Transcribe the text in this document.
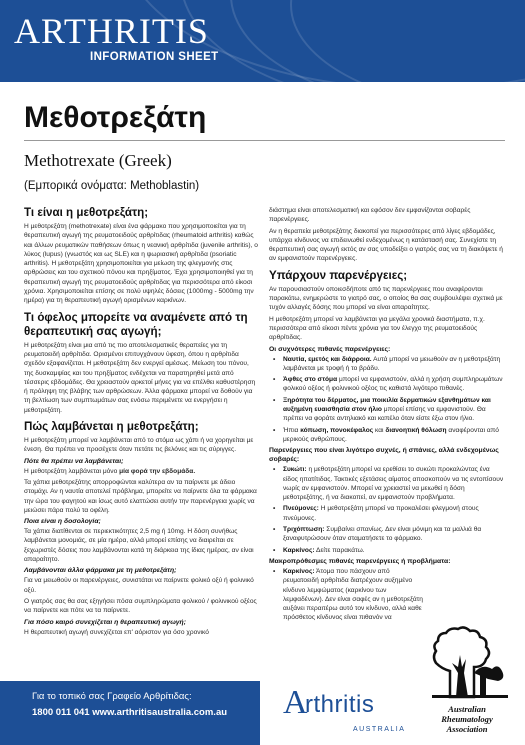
ARTHRITIS
INFORMATION SHEET
Μεθοτρεξάτη
Methotrexate (Greek)
(Εμπορικά ονόματα: Methoblastin)
Τι είναι η μεθοτρεξάτη;

Η μεθοτρεξάτη (methotrexate) είναι ένα φάρμακο που χρησιμοποιείται για τη θεραπευτική αγωγή της ρευματοειδούς αρθρίτιδας (rheumatoid arthritis) καθώς και άλλων ρευματικών παθήσεων όπως η νεανική αρθρίτιδα (juvenile arthritis), ο λύκος (lupus) (γνωστός και ως SLE) και η ψωριασική αρθρίτιδα (psoriatic arthritis). Η μεθοτρεξάτη χρησιμοποιείται για μείωση της φλεγμονής στις αρθρώσεις και του σχετικού πόνου και πρηξίματος. Έχει χρησιμοποιηθεί για τη θεραπευτική αγωγή της ρευματοειδούς αρθρίτιδας για περισσότερα από είκοσι χρόνια. Χρησιμοποιείται επίσης σε πολύ υψηλές δόσεις (1000mg - 5000mg την ημέρα) για τη θεραπευτική αγωγή ορισμένων καρκίνων.

Τι όφελος μπορείτε να αναμένετε από τη θεραπευτική σας αγωγή;

Η μεθοτρεξάτη είναι μια από τις πιο αποτελεσματικές θεραπείες για τη ρευματοειδή αρθρίτιδα. Ορισμένοι επιτυγχάνουν ύφεση, όπου η αρθρίτιδα σχεδόν εξαφανίζεται. Η μεθοτρεξάτη δεν ενεργεί αμέσως. Μείωση του πόνου, της δυσκαμψίας και του πρηξίματος ενδέχεται να παρατηρηθεί μετά από τέσσερις εβδομάδες. Θα χρειαστούν αρκετοί μήνες για να επέλθει καθυστέρηση ή πρόληψη της βλάβης των αρθρώσεων. Άλλα φάρμακα μπορεί να δοθούν για τη βελτίωση των συμπτωμάτων σας ενόσω περιμένετε να ενεργήσει η μεθοτρεξάτη.

Πώς λαμβάνεται η μεθοτρεξάτη;

Η μεθοτρεξάτη μπορεί να λαμβάνεται από το στόμα ως χάπι ή να χορηγείται με ένεση. Θα πρέπει να προσέχετε όταν πετάτε τις βελόνες και τις σύριγγες.

Πότε θα πρέπει να λαμβάνεται;

Η μεθοτρεξάτη λαμβάνεται μόνο μία φορά την εβδομάδα.

Τα χάπια μεθοτρεξάτης απορροφώνται καλύτερα αν τα παίρνετε με άδειο στομάχι. Αν η ναυτία αποτελεί πρόβλημα, μπορείτε να παίρνετε όλα τα φάρμακα την ώρα του φαγητού και ίσως αυτό ελαττώσει αυτήν την παρενέργεια χωρίς να μειώσει πάρα πολύ τα οφέλη.

Ποια είναι η δοσολογία;

Τα χάπια διατίθενται σε περιεκτικότητες 2,5 mg ή 10mg. Η δόση συνήθως λαμβάνεται μονομιάς, σε μία ημέρα, αλλά μπορεί επίσης να διαιρείται σε ξεχωριστές δόσεις που λαμβάνονται κατά τη διάρκεια της ίδιας ημέρας, αν είναι απαραίτητο.

Λαμβάνονται άλλα φάρμακα με τη μεθοτρεξάτη;

Για να μειωθούν οι παρενέργειες, συνιστάται να παίρνετε φολικό οξύ ή φολινικό οξύ.

Ο γιατρός σας θα σας εξηγήσει πόσα συμπληρώματα φολικού / φολινικού οξέος να παίρνετε και πότε να τα παίρνετε.

Για πόσο καιρό συνεχίζεται η θεραπευτική αγωγή;

Η θεραπευτική αγωγή συνεχίζεται επ' αόριστον για όσο χρονικό

διάστημα είναι αποτελεσματική και εφόσον δεν εμφανίζονται σοβαρές παρενέργειες.

Αν η θεραπεία μεθοτρεξάτης διακοπεί για περισσότερες από λίγες εβδομάδες, υπάρχει κίνδυνος να επιδεινωθεί ενδεχομένως η κατάστασή σας. Συνεχίστε τη θεραπευτική σας αγωγή εκτός αν σας υποδείξει ο γιατρός σας να τη διακόψετε ή αν εμφανιστούν παρενέργειες.

Υπάρχουν παρενέργειες;

Αν παρουσιαστούν οποιεσδήποτε από τις παρενέργειες που αναφέρονται παρακάτω, ενημερώστε το γιατρό σας, ο οποίος θα σας συμβουλέψει σχετικά με τυχόν αλλαγές δόσης που μπορεί να είναι απαραίτητες.

Η μεθοτρεξάτη μπορεί να λαμβάνεται για μεγάλα χρονικά διαστήματα, π.χ. περισσότερα από είκοσι πέντε χρόνια για τον έλεγχο της ρευματοειδούς αρθρίτιδας.

Οι συχνότερες πιθανές παρενέργειες:
• Ναυτία, εμετός και διάρροια. Αυτά μπορεί να μειωθούν αν η μεθοτρεξάτη λαμβάνεται με τροφή ή το βράδυ.
• Άφθες στο στόμα μπορεί να εμφανιστούν, αλλά η χρήση συμπληρωμάτων φολικού οξέος ή φολινικού οξέος τις καθιστά λιγότερο πιθανές.
• Ξηρότητα του δέρματος, μια ποικιλία δερματικών εξανθημάτων και αυξημένη ευαισθησία στον ήλιο μπορεί επίσης να εμφανιστούν. Θα πρέπει να φοράτε αντηλιακό και καπέλο όταν είστε έξω στον ήλιο.
• Ήπια κόπωση, πονοκέφαλος και διανοητική θόλωση αναφέρονται από μερικούς ανθρώπους.
Παρενέργειες που είναι λιγότερο συχνές, ή σπάνιες, αλλά ενδεχομένως σοβαρές:
• Συκώτι: η μεθοτρεξάτη μπορεί να ερεθίσει το συκώτι προκαλώντας ένα είδος ηπατίτιδας. Τακτικές εξετάσεις αίματος αποσκοπούν να τις εντοπίσουν νωρίς αν εμφανιστούν. Μπορεί να χρειαστεί να μειωθεί η δόση μεθοτρεξάτης, ή να διακοπεί, αν εμφανιστούν προβλήματα.
• Πνεύμονες: Η μεθοτρεξάτη μπορεί να προκαλέσει φλεγμονή στους πνεύμονες.
• Τριχόπτωση: Συμβαίνει σπανίως. Δεν είναι μόνιμη και τα μαλλιά θα ξαναφυτρώσουν όταν σταματήσετε το φάρμακο.
• Καρκίνος: Δείτε παρακάτω.
Μακροπρόθεσμες πιθανές παρενέργειες ή προβλήματα:
• Καρκίνος: Άτομα που πάσχουν από ρευματοειδή αρθρίτιδα διατρέχουν αυξημένο κίνδυνο λεμφώματος (καρκίνου των λεμφαδένων). Δεν είναι σαφές αν η μεθοτρεξάτη αυξάνει περαιτέρω αυτό τον κίνδυνο, αλλά καθε πρόσθετος κίνδυνος είναι πιθανόν να
Για το τοπικό σας Γραφείο Αρθρίτιδας:
1800 011 041 www.arthritisaustralia.com.au	A
rthritis
AUSTRALIA
Australian
Rheumatology
Association
